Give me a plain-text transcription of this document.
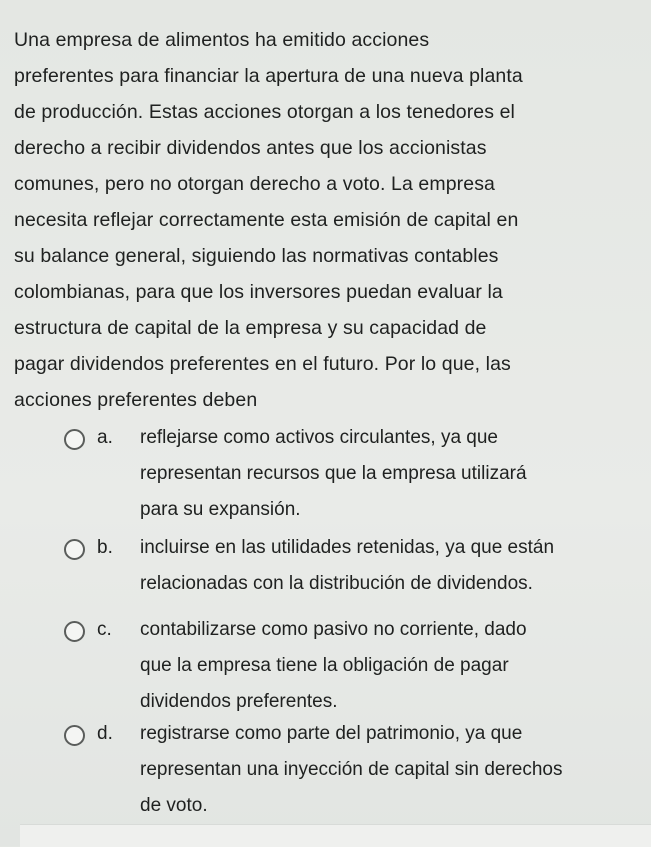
Una empresa de alimentos ha emitido acciones
preferentes para financiar la apertura de una nueva planta
de producción. Estas acciones otorgan a los tenedores el
derecho a recibir dividendos antes que los accionistas
comunes, pero no otorgan derecho a voto. La empresa
necesita reflejar correctamente esta emisión de capital en
su balance general, siguiendo las normativas contables
colombianas, para que los inversores puedan evaluar la
estructura de capital de la empresa y su capacidad de
pagar dividendos preferentes en el futuro. Por lo que, las
acciones preferentes deben
a. reflejarse como activos circulantes, ya que
representan recursos que la empresa utilizará
para su expansión.
b. incluirse en las utilidades retenidas, ya que están
relacionadas con la distribución de dividendos.
c. contabilizarse como pasivo no corriente, dado
que la empresa tiene la obligación de pagar
dividendos preferentes.
d. registrarse como parte del patrimonio, ya que
representan una inyección de capital sin derechos
de voto.
